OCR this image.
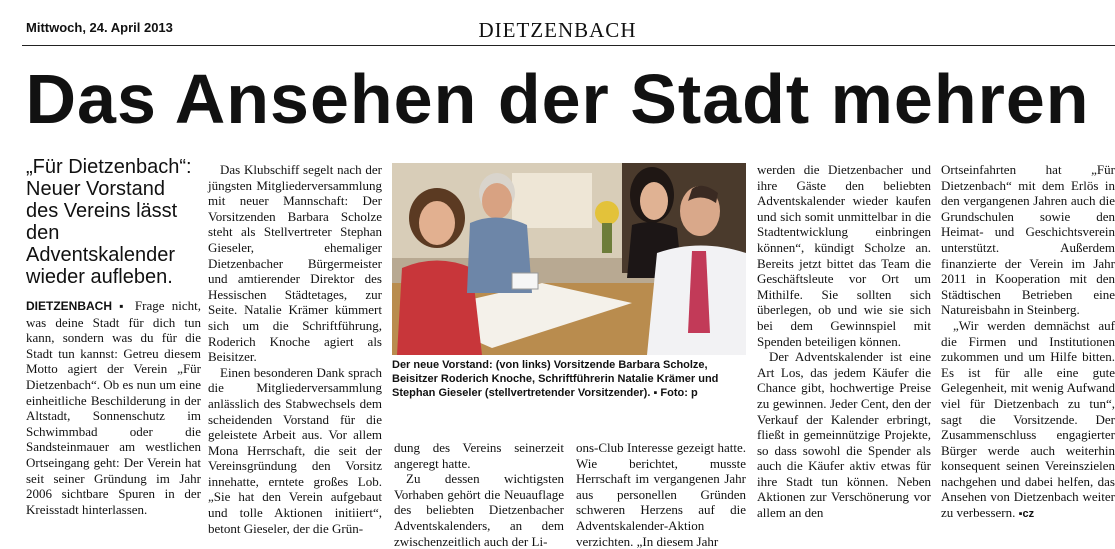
Mittwoch, 24. April 2013	DIETZENBACH
Das Ansehen der Stadt mehren
„Für Dietzenbach“: Neuer Vorstand des Vereins lässt den Adventskalender wieder aufleben.

DIETZENBACH ▪ Frage nicht, was deine Stadt für dich tun kann, sondern was du für die Stadt tun kannst: Getreu diesem Motto agiert der Verein „Für Dietzenbach“. Ob es nun um eine einheitliche Beschilderung in der Altstadt, Sonnenschutz im Schwimmbad oder die Sandsteinmauer am westlichen Ortseingang geht: Der Verein hat seit seiner Gründung im Jahr 2006 sichtbare Spuren in der Kreisstadt hinterlassen.

Das Klubschiff segelt nach der jüngsten Mitgliederversammlung mit neuer Mannschaft: Der Vorsitzenden Barbara Scholze steht als Stellvertreter Stephan Gieseler, ehemaliger Dietzenbacher Bürgermeister und amtierender Direktor des Hessischen Städtetages, zur Seite. Natalie Krämer kümmert sich um die Schriftführung, Roderich Knoche agiert als Beisitzer.

Einen besonderen Dank sprach die Mitgliederversammlung anlässlich des Stabwechsels dem scheidenden Vorstand für die geleistete Arbeit aus. Vor allem Mona Herrschaft, die seit der Vereinsgründung den Vorsitz innehatte, erntete großes Lob. „Sie hat den Verein aufgebaut und tolle Aktionen initiiert“, betont Gieseler, der die Grün-

Der neue Vorstand: (von links) Vorsitzende Barbara Scholze, Beisitzer Roderich Knoche, Schriftführerin Natalie Krämer und Stephan Gieseler (stellvertretender Vorsitzender). ▪ Foto: p

dung des Vereins seinerzeit angeregt hatte.

Zu dessen wichtigsten Vorhaben gehört die Neuauflage des beliebten Dietzenbacher Adventskalenders, an dem zwischenzeitlich auch der Li-

ons-Club Interesse gezeigt hatte. Wie berichtet, musste Herrschaft im vergangenen Jahr aus personellen Gründen schweren Herzens auf die Adventskalender-Aktion verzichten. „In diesem Jahr

werden die Dietzenbacher und ihre Gäste den beliebten Adventskalender wieder kaufen und sich somit unmittelbar in die Stadtentwicklung einbringen können“, kündigt Scholze an. Bereits jetzt bittet das Team die Geschäftsleute vor Ort um Mithilfe. Sie sollten sich überlegen, ob und wie sie sich bei dem Gewinnspiel mit Spenden beteiligen können.

Der Adventskalender ist eine Art Los, das jedem Käufer die Chance gibt, hochwertige Preise zu gewinnen. Jeder Cent, den der Verkauf der Kalender erbringt, fließt in gemeinnützige Projekte, so dass sowohl die Spender als auch die Käufer aktiv etwas für ihre Stadt tun können. Neben Aktionen zur Verschönerung vor allem an den

Ortseinfahrten hat „Für Dietzenbach“ mit dem Erlös in den vergangenen Jahren auch die Grundschulen sowie den Heimat- und Geschichtsverein unterstützt. Außerdem finanzierte der Verein im Jahr 2011 in Kooperation mit den Städtischen Betrieben eine Natureisbahn in Steinberg.

„Wir werden demnächst auf die Firmen und Institutionen zukommen und um Hilfe bitten. Es ist für alle eine gute Gelegenheit, mit wenig Aufwand viel für Dietzenbach zu tun“, sagt die Vorsitzende. Der Zusammenschluss engagierter Bürger werde auch weiterhin konsequent seinen Vereinszielen nachgehen und dabei helfen, das Ansehen von Dietzenbach weiter zu verbessern. ▪cz
